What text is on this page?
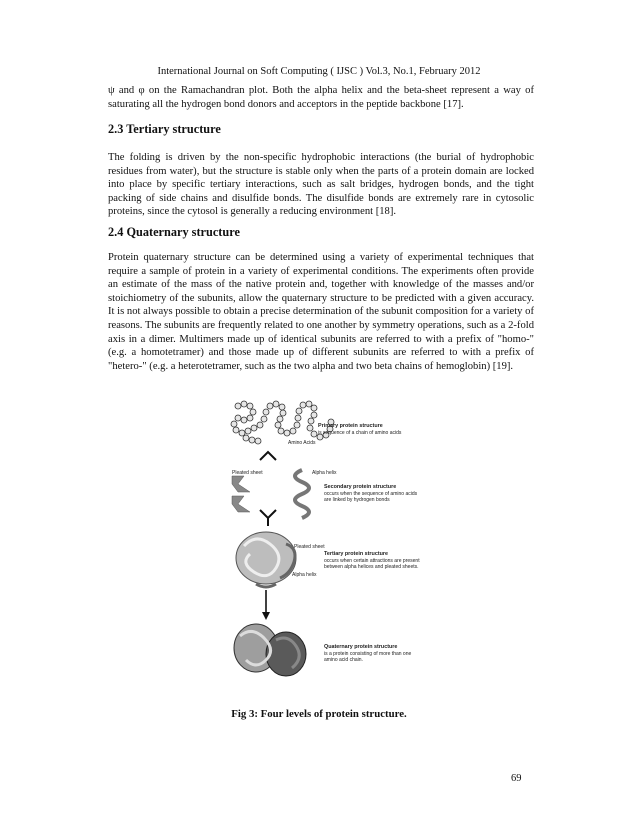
International Journal on Soft Computing ( IJSC ) Vol.3, No.1, February 2012

ψ and φ on the Ramachandran plot. Both the alpha helix and the beta-sheet represent a way of saturating all the hydrogen bond donors and acceptors in the peptide backbone [17].

2.3 Tertiary structure

The folding is driven by the non-specific hydrophobic interactions (the burial of hydrophobic residues from water), but the structure is stable only when the parts of a protein domain are locked into place by specific tertiary interactions, such as salt bridges, hydrogen bonds, and the tight packing of side chains and disulfide bonds. The disulfide bonds are extremely rare in cytosolic proteins, since the cytosol is generally a reducing environment [18].

2.4 Quaternary structure

Protein quaternary structure can be determined using a variety of experimental techniques that require a sample of protein in a variety of experimental conditions. The experiments often provide an estimate of the mass of the native protein and, together with knowledge of the masses and/or stoichiometry of the subunits, allow the quaternary structure to be predicted with a given accuracy. It is not always possible to obtain a precise determination of the subunit composition for a variety of reasons. The subunits are frequently related to one another by symmetry operations, such as a 2-fold axis in a dimer. Multimers made up of identical subunits are referred to with a prefix of "homo-" (e.g. a homotetramer) and those made up of different subunits are referred to with a prefix of "hetero-" (e.g. a heterotetramer, such as the two alpha and two beta chains of hemoglobin) [19].

Primary protein structure
is sequence of a chain of amino acids
Amino Acids
Pleated sheet	Alpha helix
Secondary protein structure
occurs when the sequence of amino acids
are linked by hydrogen bonds
Pleated sheet
Tertiary protein structure
occurs when certain attractions are present
between alpha helices and pleated sheets.
Alpha helix
Quaternary protein structure
is a protein consisting of more than one
amino acid chain.
Fig 3: Four levels of protein structure.
69
